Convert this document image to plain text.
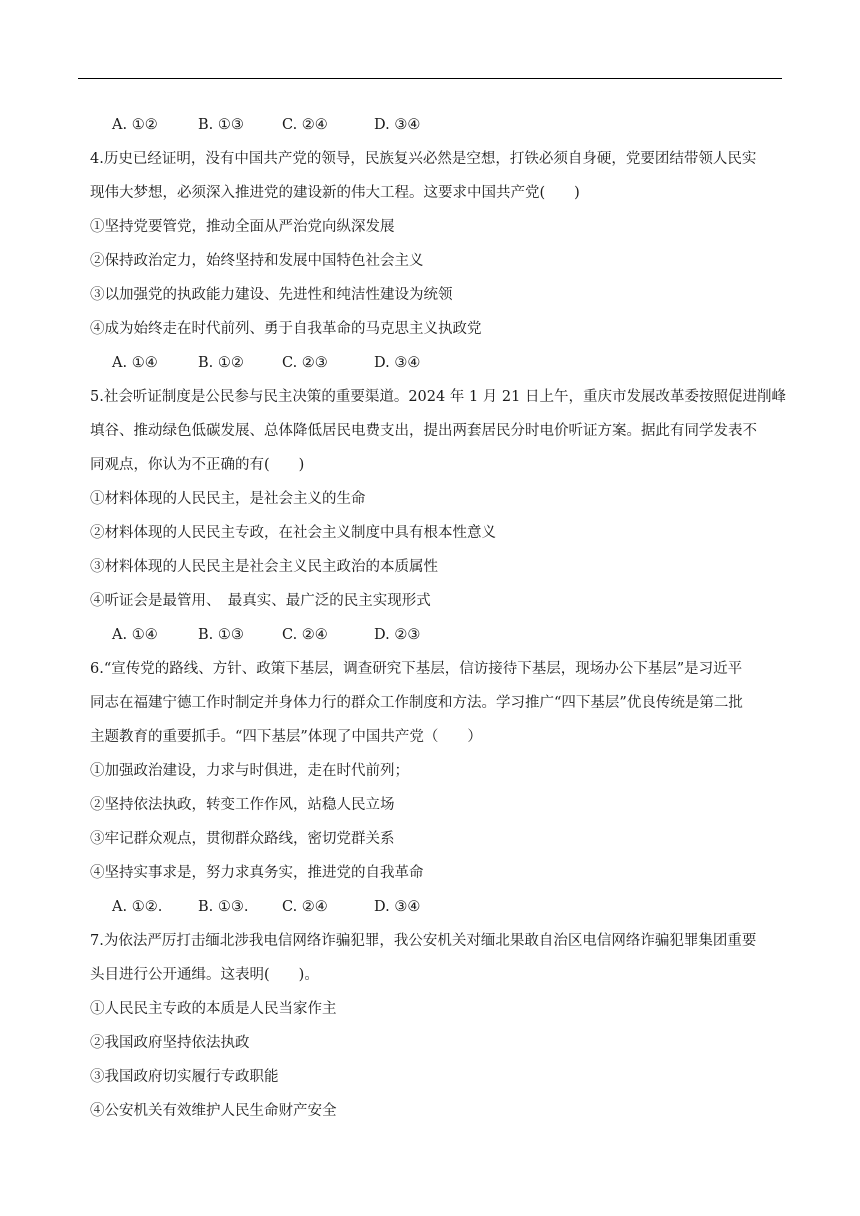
A. ①②	B. ①③	C. ②④	D. ③④
4.历史已经证明，没有中国共产党的领导，民族复兴必然是空想，打铁必须自身硬，党要团结带领人民实
现伟大梦想，必须深入推进党的建设新的伟大工程。这要求中国共产党(　　)
①坚持党要管党，推动全面从严治党向纵深发展
②保持政治定力，始终坚持和发展中国特色社会主义
③以加强党的执政能力建设、先进性和纯洁性建设为统领
④成为始终走在时代前列、勇于自我革命的马克思主义执政党
A. ①④	B. ①②	C. ②③	D. ③④
5.社会听证制度是公民参与民主决策的重要渠道。2024 年 1 月 21 日上午，重庆市发展改革委按照促进削峰
填谷、推动绿色低碳发展、总体降低居民电费支出，提出两套居民分时电价听证方案。据此有同学发表不
同观点，你认为不正确的有(　　)
①材料体现的人民民主，是社会主义的生命
②材料体现的人民民主专政，在社会主义制度中具有根本性意义
③材料体现的人民民主是社会主义民主政治的本质属性
④听证会是最管用、　最真实、最广泛的民主实现形式
A. ①④	B. ①③	C. ②④	D. ②③
6.“宣传党的路线、方针、政策下基层，调查研究下基层，信访接待下基层，现场办公下基层”是习近平
同志在福建宁德工作时制定并身体力行的群众工作制度和方法。学习推广“四下基层”优良传统是第二批
主题教育的重要抓手。“四下基层”体现了中国共产党（　　）
①加强政治建设，力求与时俱进，走在时代前列；
②坚持依法执政，转变工作作风，站稳人民立场
③牢记群众观点，贯彻群众路线，密切党群关系
④坚持实事求是，努力求真务实，推进党的自我革命
A. ①②. B. ①③. C. ②④	D. ③④
7.为依法严厉打击缅北涉我电信网络诈骗犯罪，我公安机关对缅北果敢自治区电信网络诈骗犯罪集团重要
头目进行公开通缉。这表明(　　)。
①人民民主专政的本质是人民当家作主
②我国政府坚持依法执政
③我国政府切实履行专政职能
④公安机关有效维护人民生命财产安全
